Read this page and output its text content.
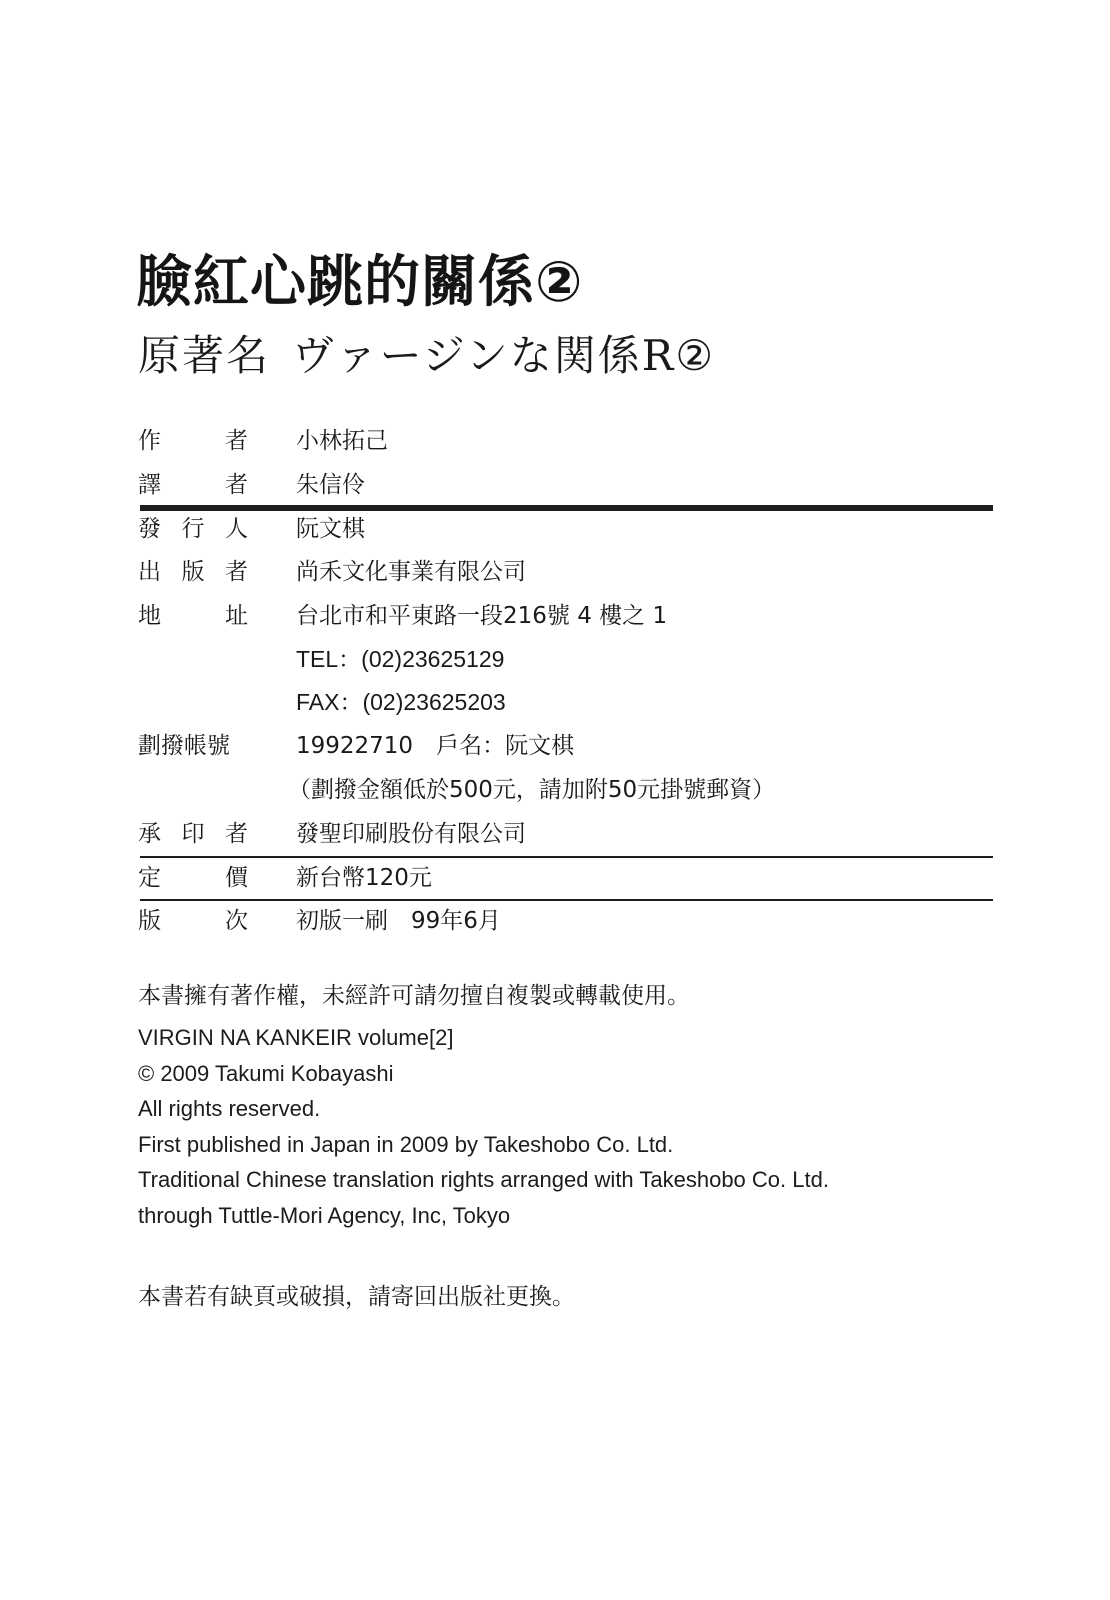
臉紅心跳的關係②
原著名 ヴァージンな関係R②
作	者 小林拓己
譯	者 朱信伶
發 行 人 阮文棋
出 版 者 尚禾文化事業有限公司
地	址 台北市和平東路一段216號 4 樓之 1
TEL：(02)23625129
FAX：(02)23625203
劃撥帳號	19922710　戶名：阮文棋
（劃撥金額低於500元，請加附50元掛號郵資）
承 印 者 發聖印刷股份有限公司
定	價 新台幣120元
版	次 初版一刷　99年6月
本書擁有著作權，未經許可請勿擅自複製或轉載使用。
VIRGIN NA KANKEIR volume[2]
© 2009 Takumi Kobayashi
All rights reserved.
First published in Japan in 2009 by Takeshobo Co. Ltd.
Traditional Chinese translation rights arranged with Takeshobo Co. Ltd.
through Tuttle-Mori Agency, Inc, Tokyo
本書若有缺頁或破損，請寄回出版社更換。
